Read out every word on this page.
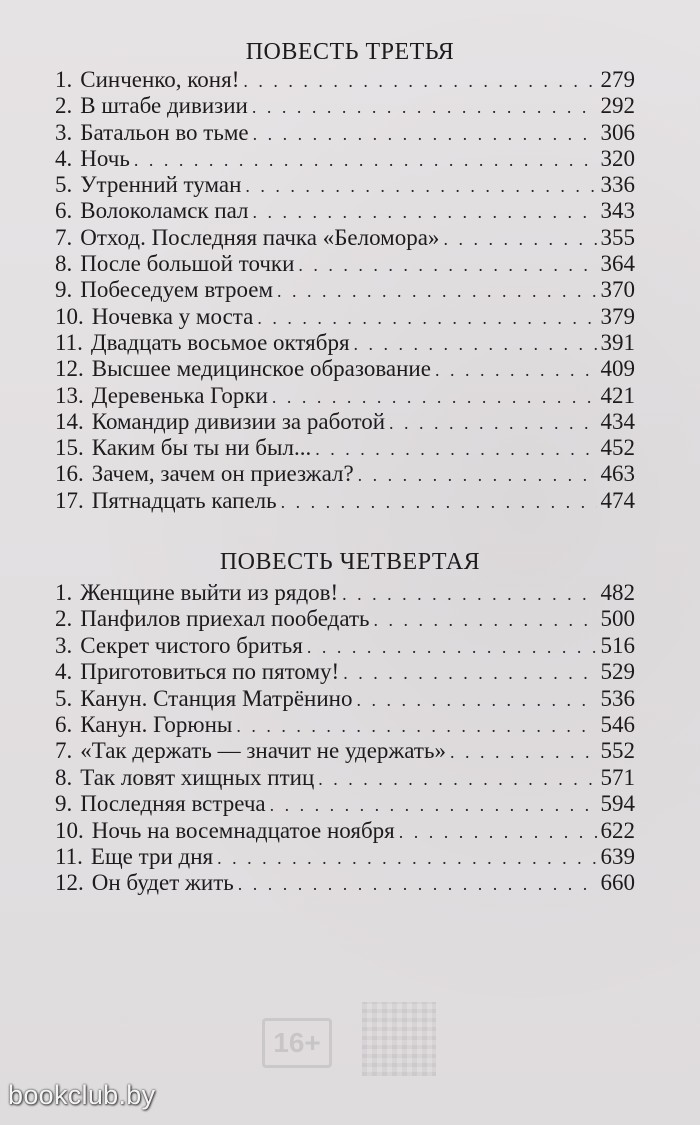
16+
ПОВЕСТЬ ТРЕТЬЯ
1. Синченко, коня! . . .	279
2. В штабе дивизии . . .	292
3. Батальон во тьме . . .	306
4. Ночь . . .	320
5. Утренний туман . . .	336
6. Волоколамск пал . . .	343
7. Отход. Последняя пачка «Беломора» . . .	355
8. После большой точки . . .	364
9. Побеседуем втроем . . .	370
10. Ночевка у моста . . .	379
11. Двадцать восьмое октября . . .	391
12. Высшее медицинское образование . . .	409
13. Деревенька Горки . . .	421
14. Командир дивизии за работой . . .	434
15. Каким бы ты ни был... . . .	452
16. Зачем, зачем он приезжал? . . .	463
17. Пятнадцать капель . . .	474
ПОВЕСТЬ ЧЕТВЕРТАЯ
1. Женщине выйти из рядов! . . .	482
2. Панфилов приехал пообедать . . .	500
3. Секрет чистого бритья . . .	516
4. Приготовиться по пятому! . . .	529
5. Канун. Станция Матрёнино . . .	536
6. Канун. Горюны . . .	546
7. «Так держать — значит не удержать» . . .	552
8. Так ловят хищных птиц . . .	571
9. Последняя встреча . . .	594
10. Ночь на восемнадцатое ноября . . .	622
11. Еще три дня . . .	639
12. Он будет жить . . .	660
bookclub.by
